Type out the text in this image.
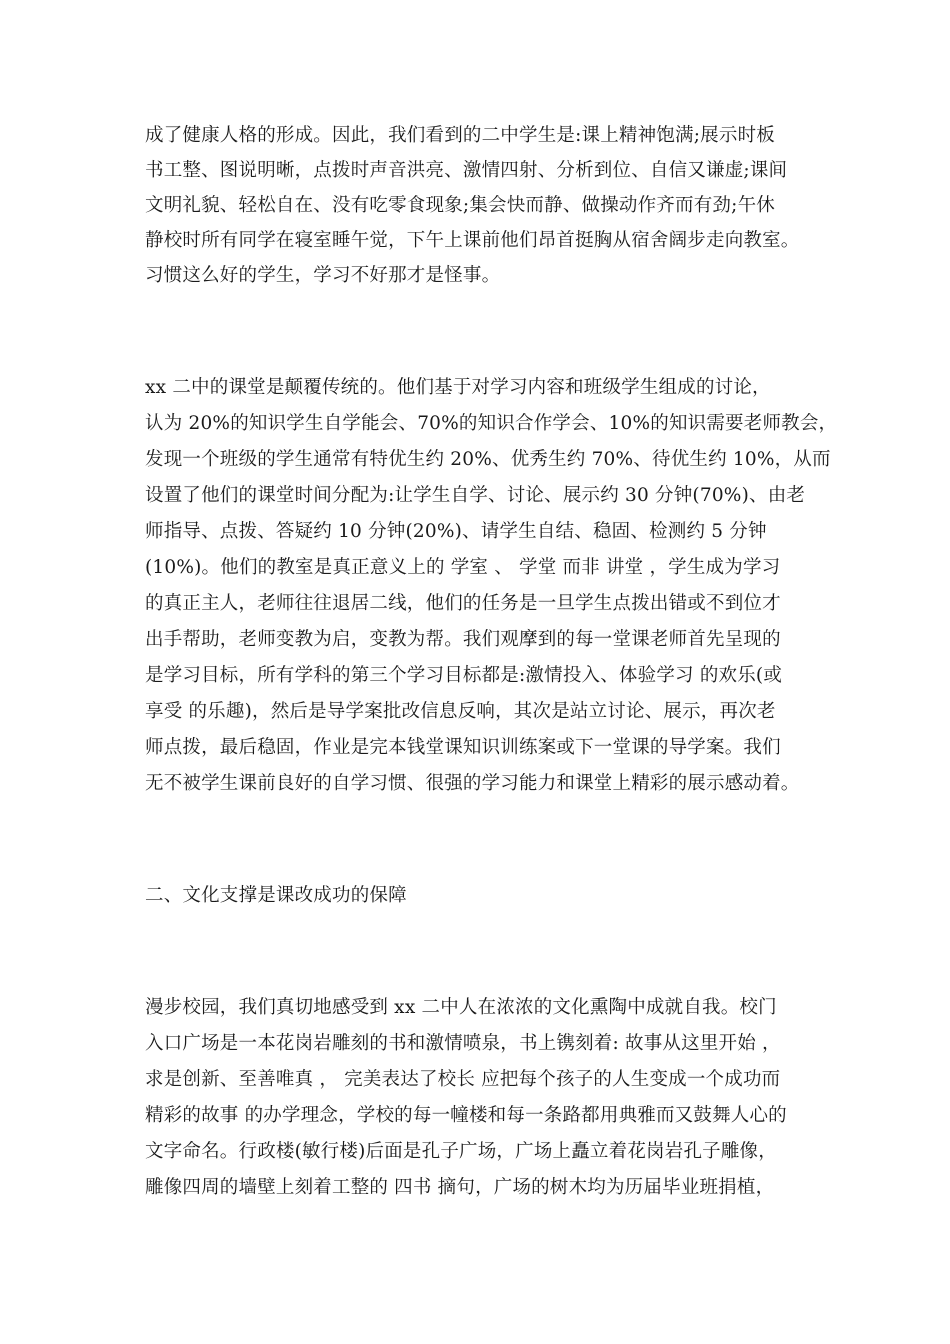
成了健康人格的形成。因此，我们看到的二中学生是:课上精神饱满;展示时板
书工整、图说明晰，点拨时声音洪亮、激情四射、分析到位、自信又谦虚;课间
文明礼貌、轻松自在、没有吃零食现象;集会快而静、做操动作齐而有劲;午休
静校时所有同学在寝室睡午觉，下午上课前他们昂首挺胸从宿舍阔步走向教室。
习惯这么好的学生，学习不好那才是怪事。
xx 二中的课堂是颠覆传统的。他们基于对学习内容和班级学生组成的讨论，
认为 20%的知识学生自学能会、70%的知识合作学会、10%的知识需要老师教会，
发现一个班级的学生通常有特优生约 20%、优秀生约 70%、待优生约 10%，从而
设置了他们的课堂时间分配为:让学生自学、讨论、展示约 30 分钟(70%)、由老
师指导、点拨、答疑约 10 分钟(20%)、请学生自结、稳固、检测约 5 分钟
(10%)。他们的教室是真正意义上的 学室 、 学堂 而非 讲堂 ，学生成为学习
的真正主人，老师往往退居二线，他们的任务是一旦学生点拨出错或不到位才
出手帮助，老师变教为启，变教为帮。我们观摩到的每一堂课老师首先呈现的
是学习目标，所有学科的第三个学习目标都是:激情投入、体验学习 的欢乐(或
享受 的乐趣)，然后是导学案批改信息反响，其次是站立讨论、展示，再次老
师点拨，最后稳固，作业是完本钱堂课知识训练案或下一堂课的导学案。我们
无不被学生课前良好的自学习惯、很强的学习能力和课堂上精彩的展示感动着。
二、文化支撑是课改成功的保障
漫步校园，我们真切地感受到 xx 二中人在浓浓的文化熏陶中成就自我。校门
入口广场是一本花岗岩雕刻的书和激情喷泉，书上镌刻着: 故事从这里开始 ，
求是创新、至善唯真 ， 完美表达了校长 应把每个孩子的人生变成一个成功而
精彩的故事 的办学理念，学校的每一幢楼和每一条路都用典雅而又鼓舞人心的
文字命名。行政楼(敏行楼)后面是孔子广场，广场上矗立着花岗岩孔子雕像，
雕像四周的墙壁上刻着工整的 四书 摘句，广场的树木均为历届毕业班捐植，
